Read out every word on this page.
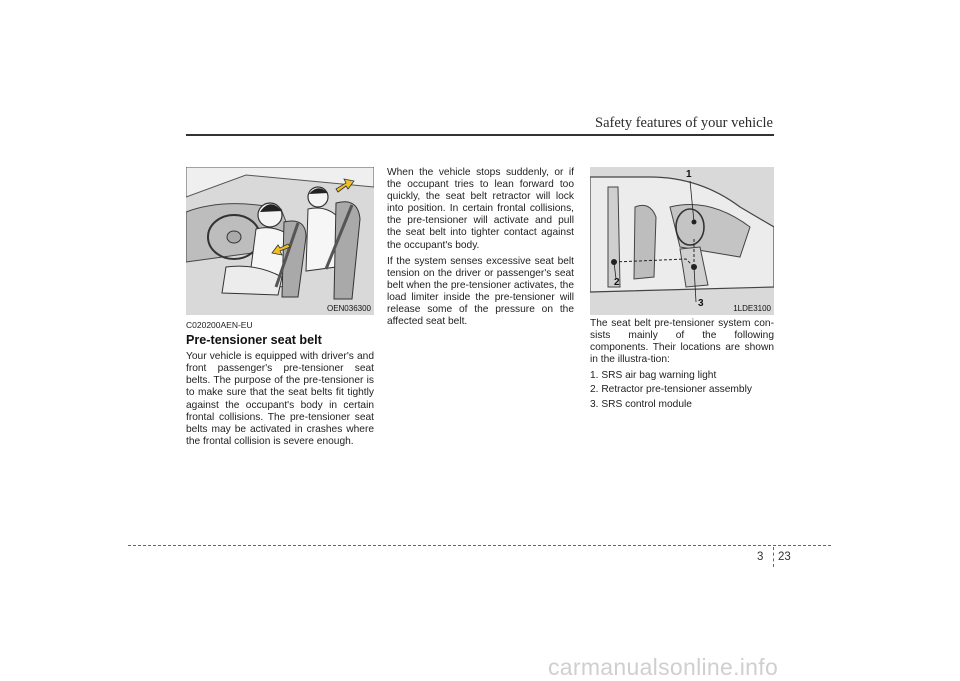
Safety features of your vehicle
OEN036300
1
2
3	1LDE3100
C020200AEN-EU
Pre-tensioner seat belt

Your vehicle is equipped with driver's and front passenger's pre-tensioner seat belts. The purpose of the pre-tensioner is to make sure that the seat belts fit tightly against the occupant's body in certain frontal collisions. The pre-tensioner seat belts may be activated in crashes where the frontal collision is severe enough.

When the vehicle stops suddenly, or if the occupant tries to lean forward too quickly, the seat belt retractor will lock into position. In certain frontal collisions, the pre-tensioner will activate and pull the seat belt into tighter contact against the occupant's body.

If the system senses excessive seat belt tension on the driver or passenger's seat belt when the pre-tensioner activates, the load limiter inside the pre-tensioner will release some of the pressure on the affected seat belt.	The seat belt pre-tensioner system con-sists mainly of the following components. Their locations are shown in the illustra-tion:

1. SRS air bag warning light
2. Retractor pre-tensioner assembly
3. SRS control module
3 23
carmanualsonline.info
